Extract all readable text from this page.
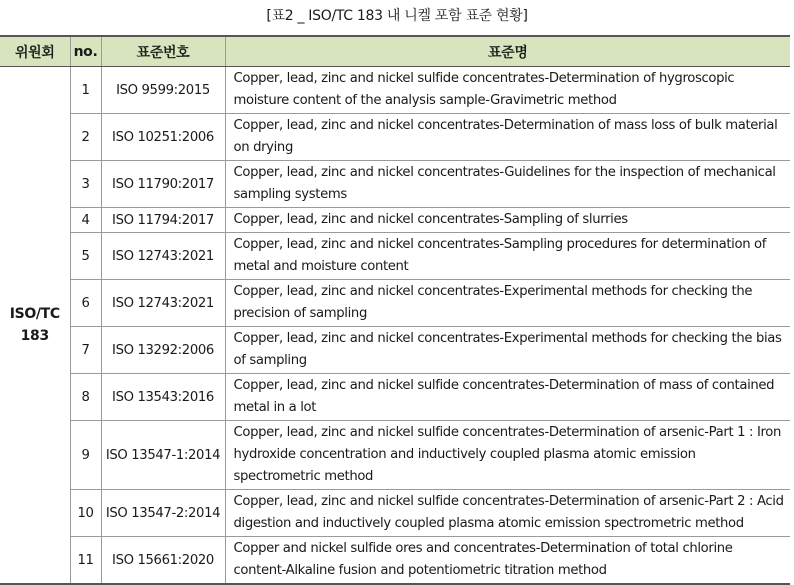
[표2 _ ISO/TC 183 내 니켈 포함 표준 현황]
위원회	no.	표준번호	표준명
ISO/TC 183	1	ISO 9599:2015	Copper, lead, zinc and nickel sulfide concentrates-Determination of hygroscopic moisture content of the analysis sample-Gravimetric method
	2	ISO 10251:2006	Copper, lead, zinc and nickel concentrates-Determination of mass loss of bulk material on drying
	3	ISO 11790:2017	Copper, lead, zinc and nickel concentrates-Guidelines for the inspection of mechanical sampling systems
	4	ISO 11794:2017	Copper, lead, zinc and nickel concentrates-Sampling of slurries
	5	ISO 12743:2021	Copper, lead, zinc and nickel concentrates-Sampling procedures for determination of metal and moisture content
	6	ISO 12743:2021	Copper, lead, zinc and nickel concentrates-Experimental methods for checking the precision of sampling
	7	ISO 13292:2006	Copper, lead, zinc and nickel concentrates-Experimental methods for checking the bias of sampling
	8	ISO 13543:2016	Copper, lead, zinc and nickel sulfide concentrates-Determination of mass of contained metal in a lot
	9	ISO 13547-1:2014	Copper, lead, zinc and nickel sulfide concentrates-Determination of arsenic-Part 1 : Iron hydroxide concentration and inductively coupled plasma atomic emission spectrometric method
	10	ISO 13547-2:2014	Copper, lead, zinc and nickel sulfide concentrates-Determination of arsenic-Part 2 : Acid digestion and inductively coupled plasma atomic emission spectrometric method
	11	ISO 15661:2020	Copper and nickel sulfide ores and concentrates-Determination of total chlorine content-Alkaline fusion and potentiometric titration method
